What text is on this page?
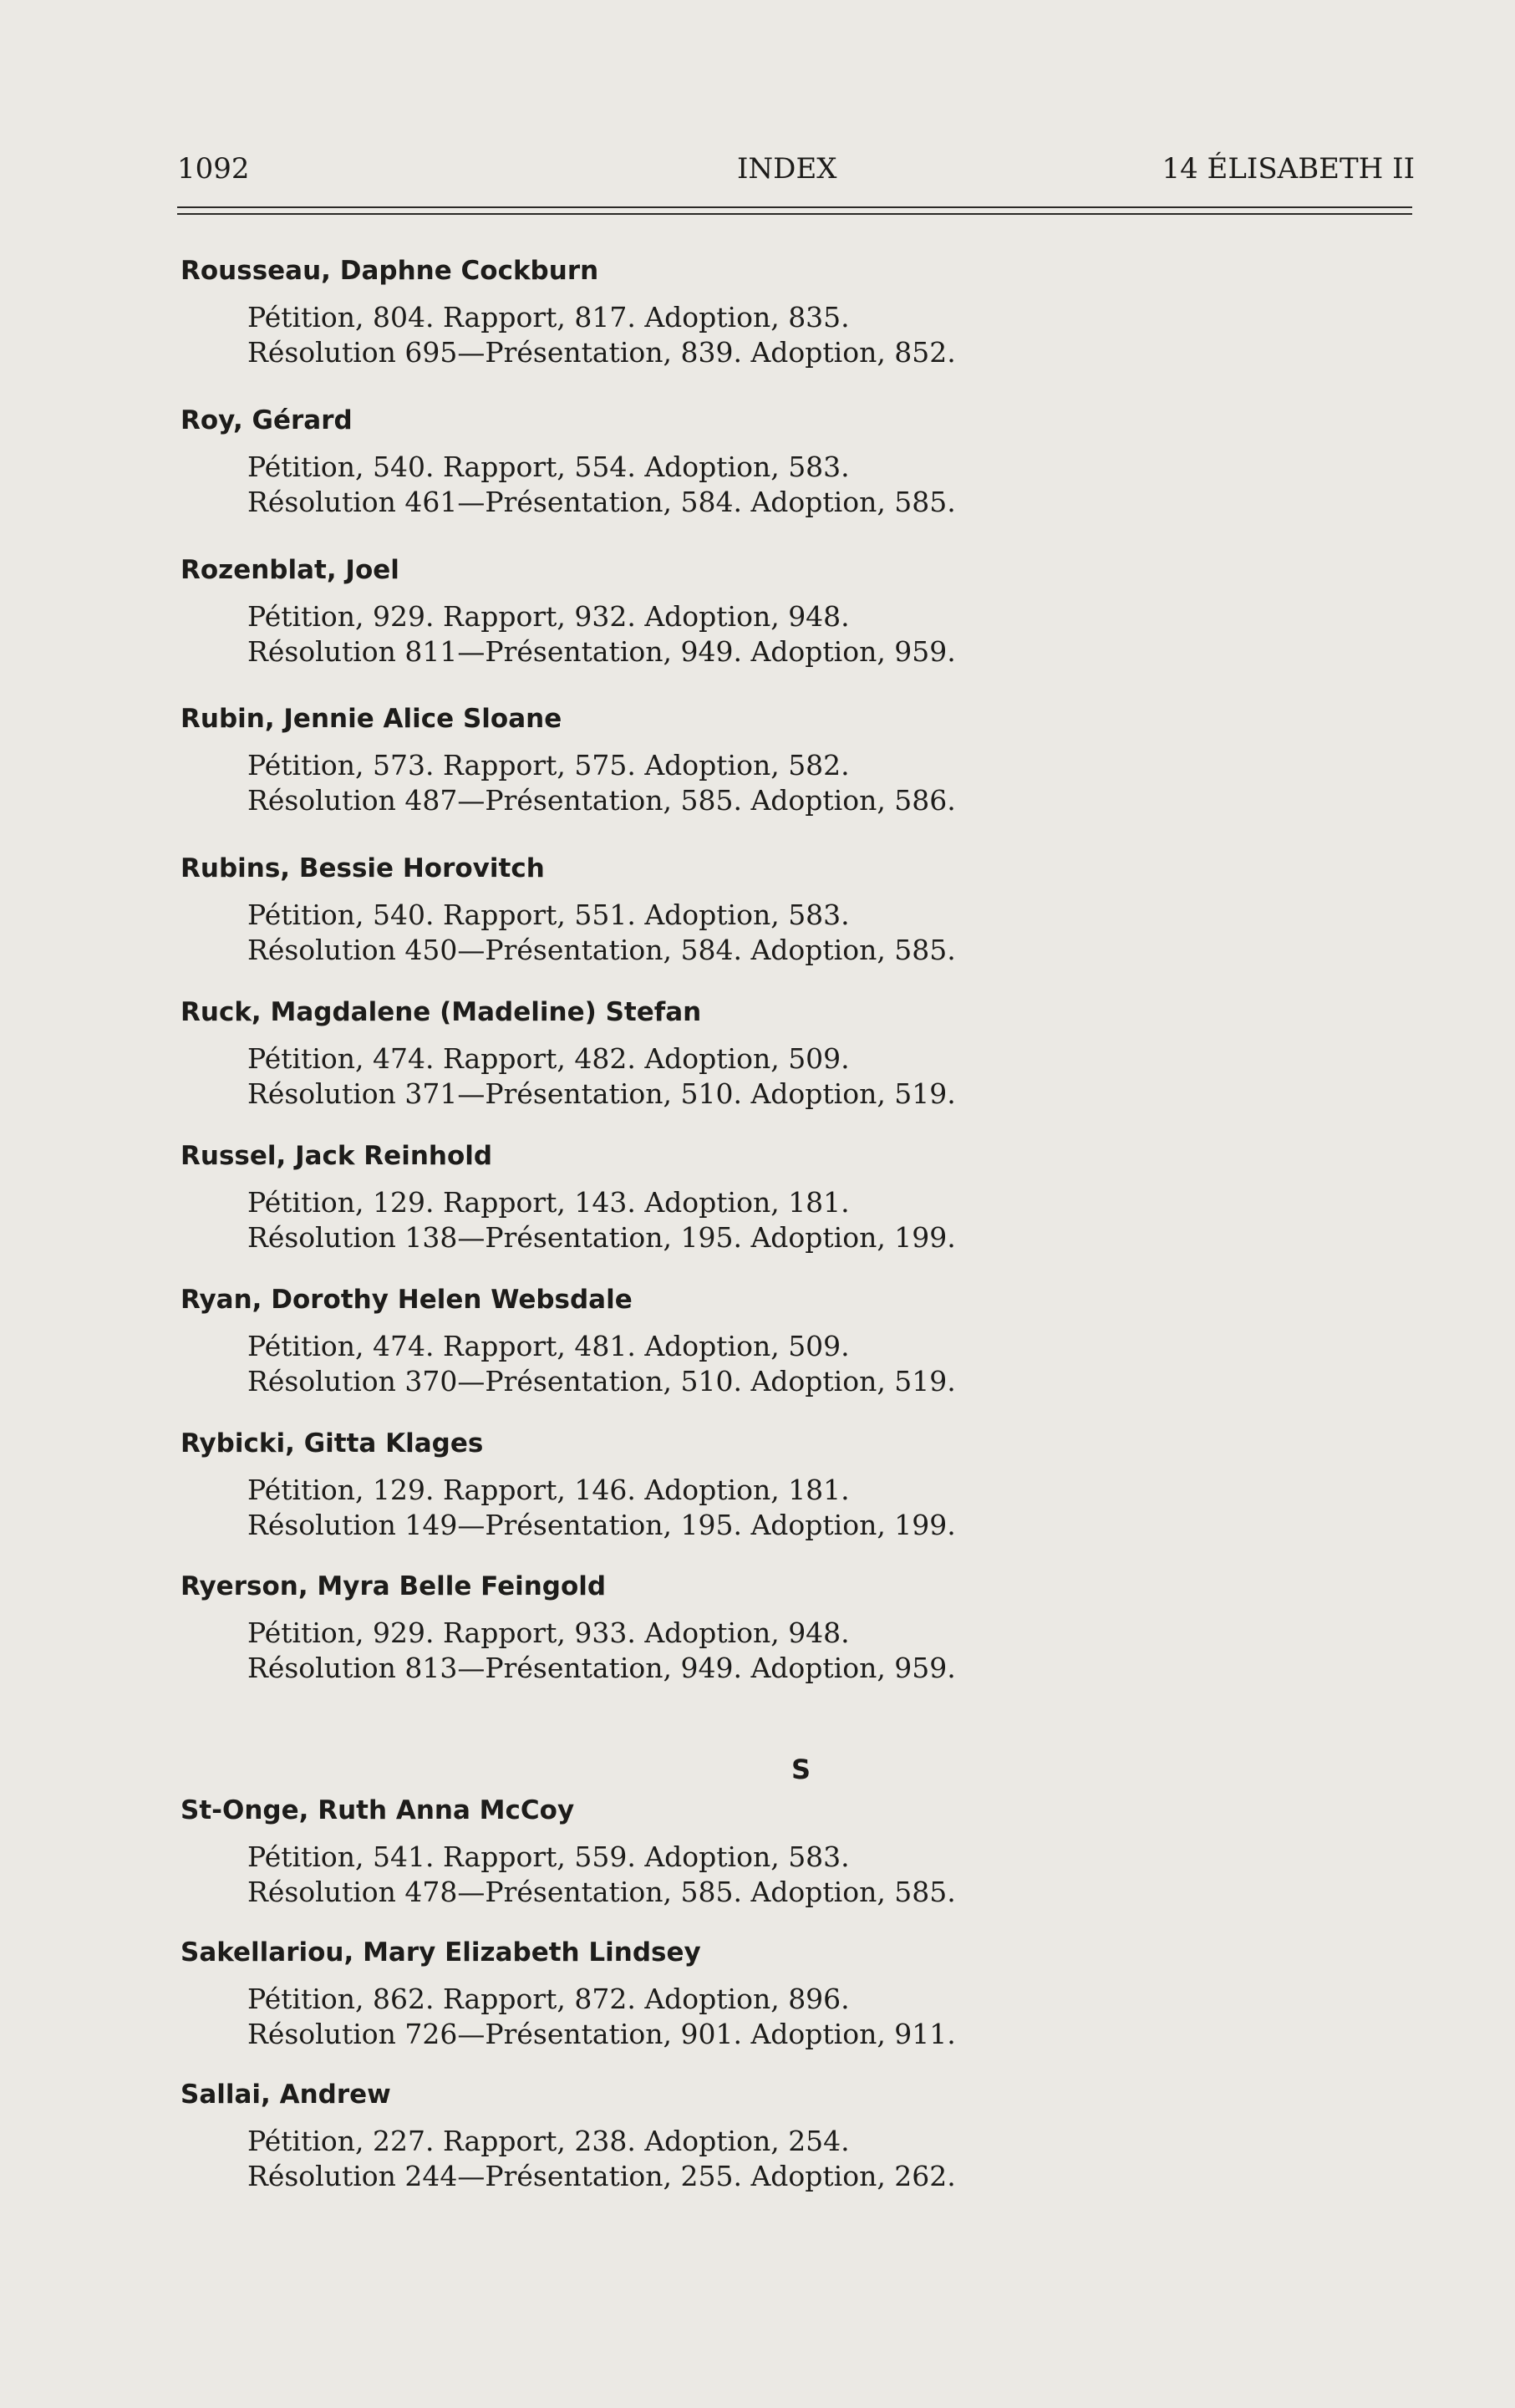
1092	INDEX	14 ÉLISABETH II
Rousseau, Daphne Cockburn
Pétition, 804. Rapport, 817. Adoption, 835.
Résolution 695—Présentation, 839. Adoption, 852.
Roy, Gérard
Pétition, 540. Rapport, 554. Adoption, 583.
Résolution 461—Présentation, 584. Adoption, 585.
Rozenblat, Joel
Pétition, 929. Rapport, 932. Adoption, 948.
Résolution 811—Présentation, 949. Adoption, 959.
Rubin, Jennie Alice Sloane
Pétition, 573. Rapport, 575. Adoption, 582.
Résolution 487—Présentation, 585. Adoption, 586.
Rubins, Bessie Horovitch
Pétition, 540. Rapport, 551. Adoption, 583.
Résolution 450—Présentation, 584. Adoption, 585.
Ruck, Magdalene (Madeline) Stefan
Pétition, 474. Rapport, 482. Adoption, 509.
Résolution 371—Présentation, 510. Adoption, 519.
Russel, Jack Reinhold
Pétition, 129. Rapport, 143. Adoption, 181.
Résolution 138—Présentation, 195. Adoption, 199.
Ryan, Dorothy Helen Websdale
Pétition, 474. Rapport, 481. Adoption, 509.
Résolution 370—Présentation, 510. Adoption, 519.
Rybicki, Gitta Klages
Pétition, 129. Rapport, 146. Adoption, 181.
Résolution 149—Présentation, 195. Adoption, 199.
Ryerson, Myra Belle Feingold
Pétition, 929. Rapport, 933. Adoption, 948.
Résolution 813—Présentation, 949. Adoption, 959.
S
St-Onge, Ruth Anna McCoy
Pétition, 541. Rapport, 559. Adoption, 583.
Résolution 478—Présentation, 585. Adoption, 585.
Sakellariou, Mary Elizabeth Lindsey
Pétition, 862. Rapport, 872. Adoption, 896.
Résolution 726—Présentation, 901. Adoption, 911.
Sallai, Andrew
Pétition, 227. Rapport, 238. Adoption, 254.
Résolution 244—Présentation, 255. Adoption, 262.
